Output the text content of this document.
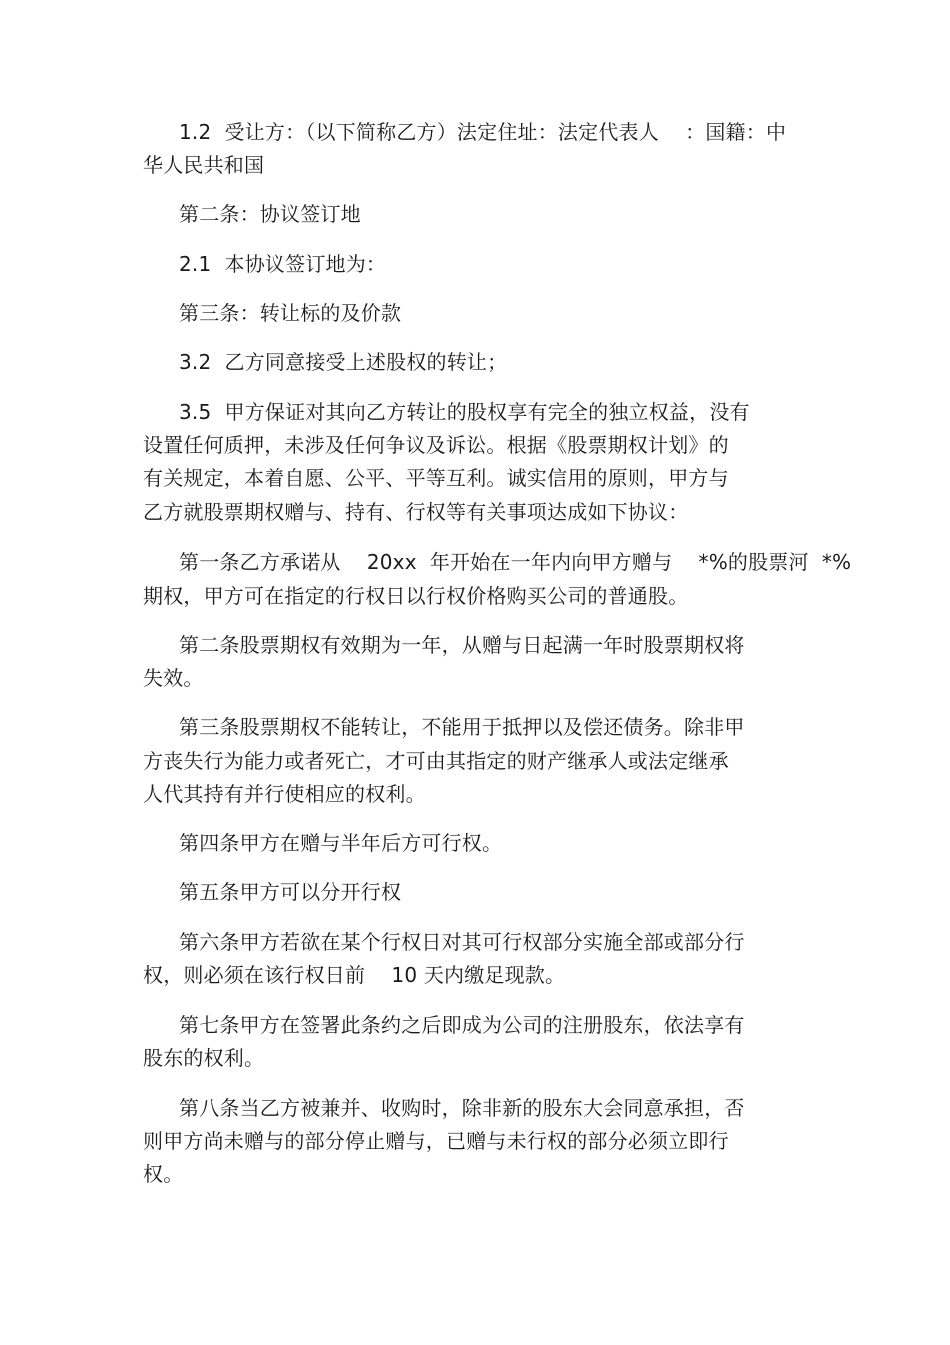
1.2  受让方：（以下简称乙方）法定住址：法定代表人    ：国籍：中
华人民共和国
第二条：协议签订地
2.1  本协议签订地为：
第三条：转让标的及价款
3.2  乙方同意接受上述股权的转让；
3.5  甲方保证对其向乙方转让的股权享有完全的独立权益，没有
设置任何质押，未涉及任何争议及诉讼。根据《股票期权计划》的
有关规定，本着自愿、公平、平等互利。诚实信用的原则，甲方与
乙方就股票期权赠与、持有、行权等有关事项达成如下协议：
第一条乙方承诺从    20xx  年开始在一年内向甲方赠与    *%的股票河  *%
期权，甲方可在指定的行权日以行权价格购买公司的普通股。
第二条股票期权有效期为一年，从赠与日起满一年时股票期权将
失效。
第三条股票期权不能转让，不能用于抵押以及偿还债务。除非甲
方丧失行为能力或者死亡，才可由其指定的财产继承人或法定继承
人代其持有并行使相应的权利。
第四条甲方在赠与半年后方可行权。
第五条甲方可以分开行权
第六条甲方若欲在某个行权日对其可行权部分实施全部或部分行
权，则必须在该行权日前    10 天内缴足现款。
第七条甲方在签署此条约之后即成为公司的注册股东，依法享有
股东的权利。
第八条当乙方被兼并、收购时，除非新的股东大会同意承担，否
则甲方尚未赠与的部分停止赠与，已赠与未行权的部分必须立即行
权。
